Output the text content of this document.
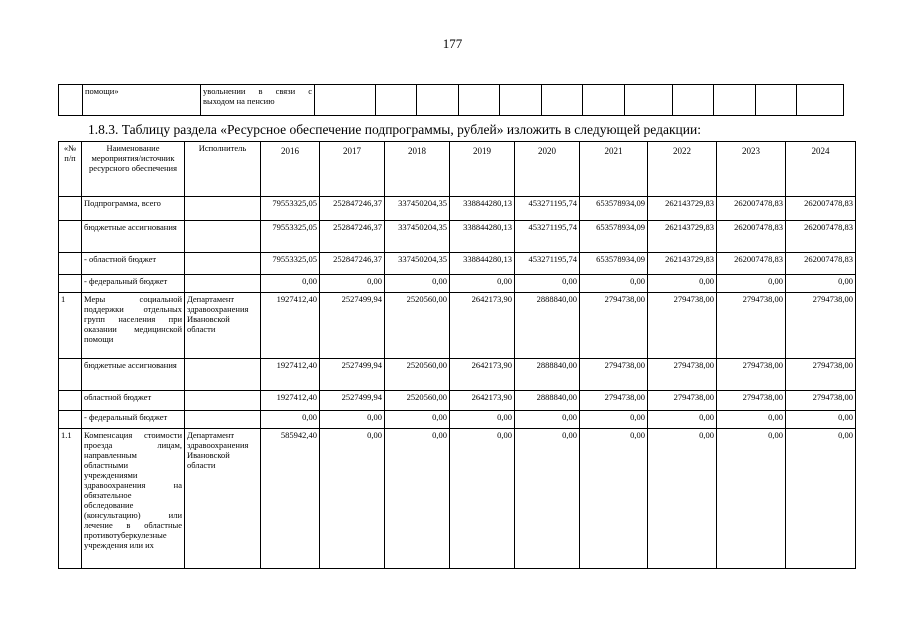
177
	помощи»	увольнении в связи с выходом на пенсию												
1.8.3. Таблицу раздела «Ресурсное обеспечение подпрограммы, рублей» изложить в следующей редакции:
«№ п/п	Наименование мероприятия/источник ресурсного обеспечения	Исполнитель	2016	2017	2018	2019	2020	2021	2022	2023	2024
	Подпрограмма, всего		79553325,05	252847246,37	337450204,35	338844280,13	453271195,74	653578934,09	262143729,83	262007478,83	262007478,83
	бюджетные ассигнования		79553325,05	252847246,37	337450204,35	338844280,13	453271195,74	653578934,09	262143729,83	262007478,83	262007478,83
	- областной бюджет		79553325,05	252847246,37	337450204,35	338844280,13	453271195,74	653578934,09	262143729,83	262007478,83	262007478,83
	- федеральный бюджет		0,00	0,00	0,00	0,00	0,00	0,00	0,00	0,00	0,00
1	Меры социальной поддержки отдельных групп населения при оказании медицинской помощи	Департамент здравоохранения Ивановской области	1927412,40	2527499,94	2520560,00	2642173,90	2888840,00	2794738,00	2794738,00	2794738,00	2794738,00
	бюджетные ассигнования		1927412,40	2527499,94	2520560,00	2642173,90	2888840,00	2794738,00	2794738,00	2794738,00	2794738,00
	областной бюджет		1927412,40	2527499,94	2520560,00	2642173,90	2888840,00	2794738,00	2794738,00	2794738,00	2794738,00
	- федеральный бюджет		0,00	0,00	0,00	0,00	0,00	0,00	0,00	0,00	0,00
1.1	Компенсация стоимости проезда лицам, направленным областными учреждениями здравоохранения на обязательное обследование (консультацию) или лечение в областные противотуберкулезные учреждения или их	Департамент здравоохранения Ивановской области	585942,40	0,00	0,00	0,00	0,00	0,00	0,00	0,00	0,00
